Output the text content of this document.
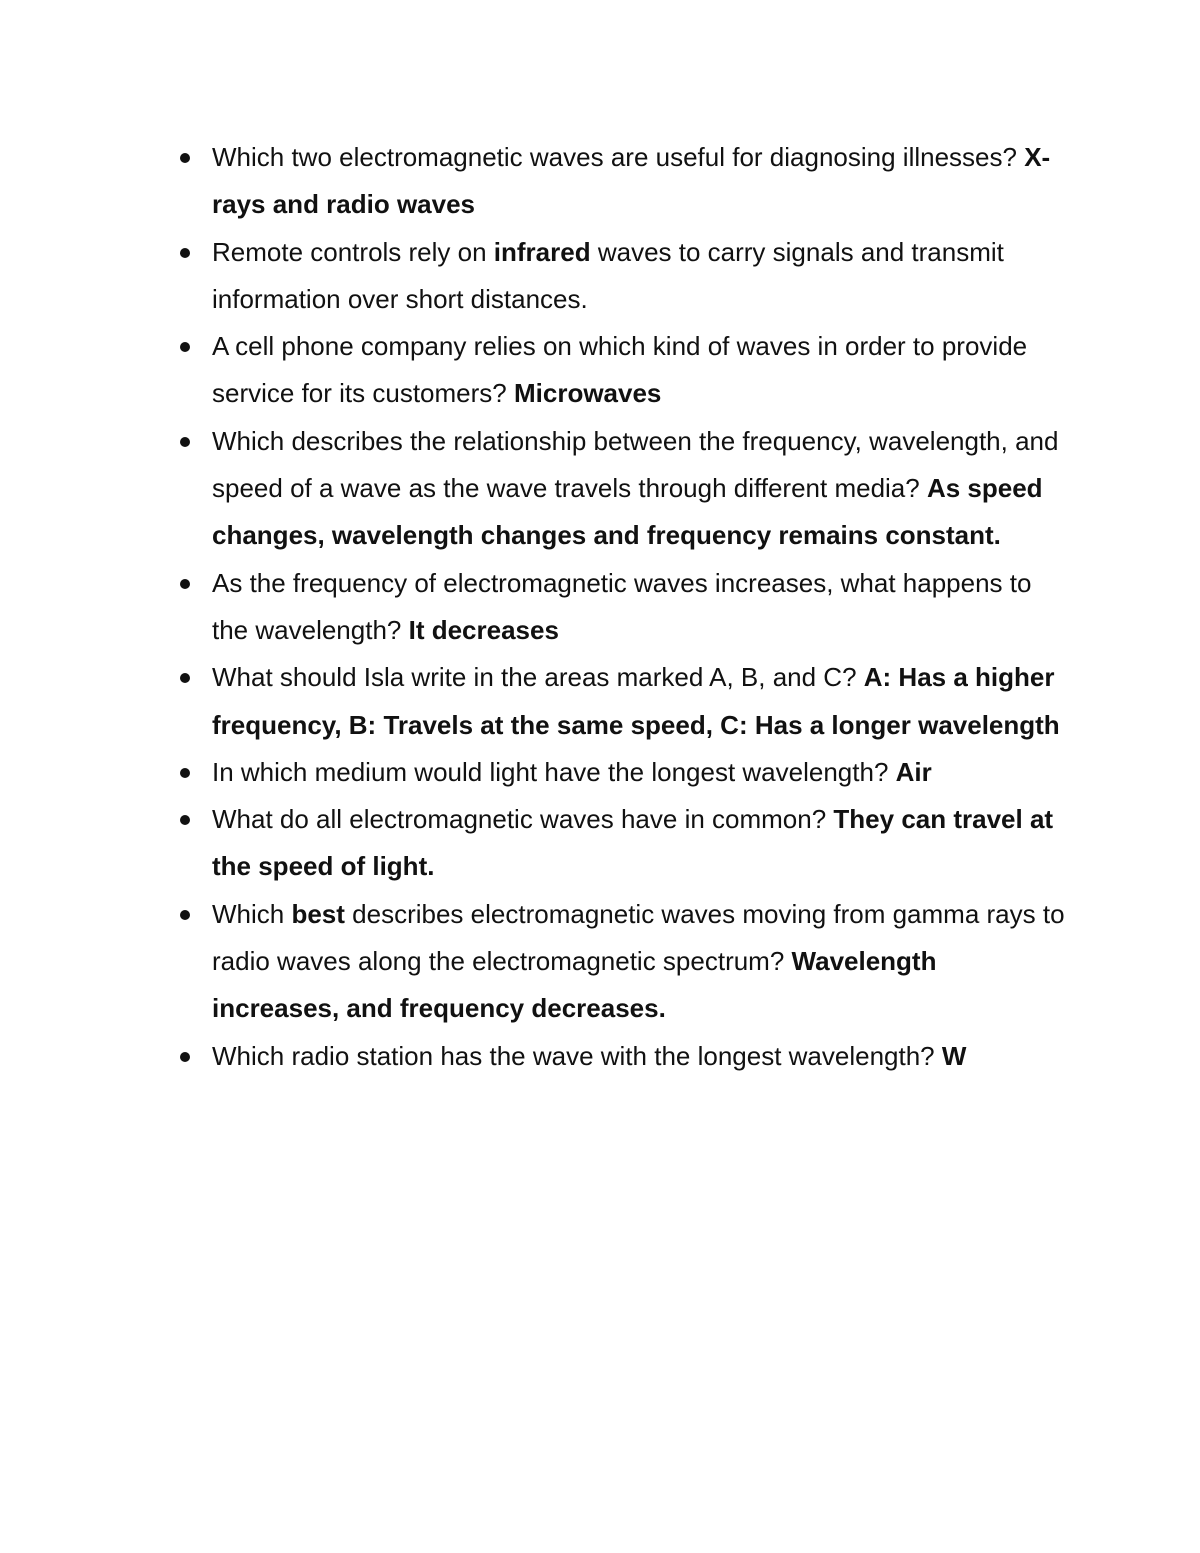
Which two electromagnetic waves are useful for diagnosing illnesses? X-rays and radio waves
Remote controls rely on infrared waves to carry signals and transmit information over short distances.
A cell phone company relies on which kind of waves in order to provide service for its customers? Microwaves
Which describes the relationship between the frequency, wavelength, and speed of a wave as the wave travels through different media? As speed changes, wavelength changes and frequency remains constant.
As the frequency of electromagnetic waves increases, what happens to the wavelength? It decreases
What should Isla write in the areas marked A, B, and C? A: Has a higher frequency, B: Travels at the same speed, C: Has a longer wavelength
In which medium would light have the longest wavelength? Air
What do all electromagnetic waves have in common? They can travel at the speed of light.
Which best describes electromagnetic waves moving from gamma rays to radio waves along the electromagnetic spectrum? Wavelength increases, and frequency decreases.
Which radio station has the wave with the longest wavelength? W
